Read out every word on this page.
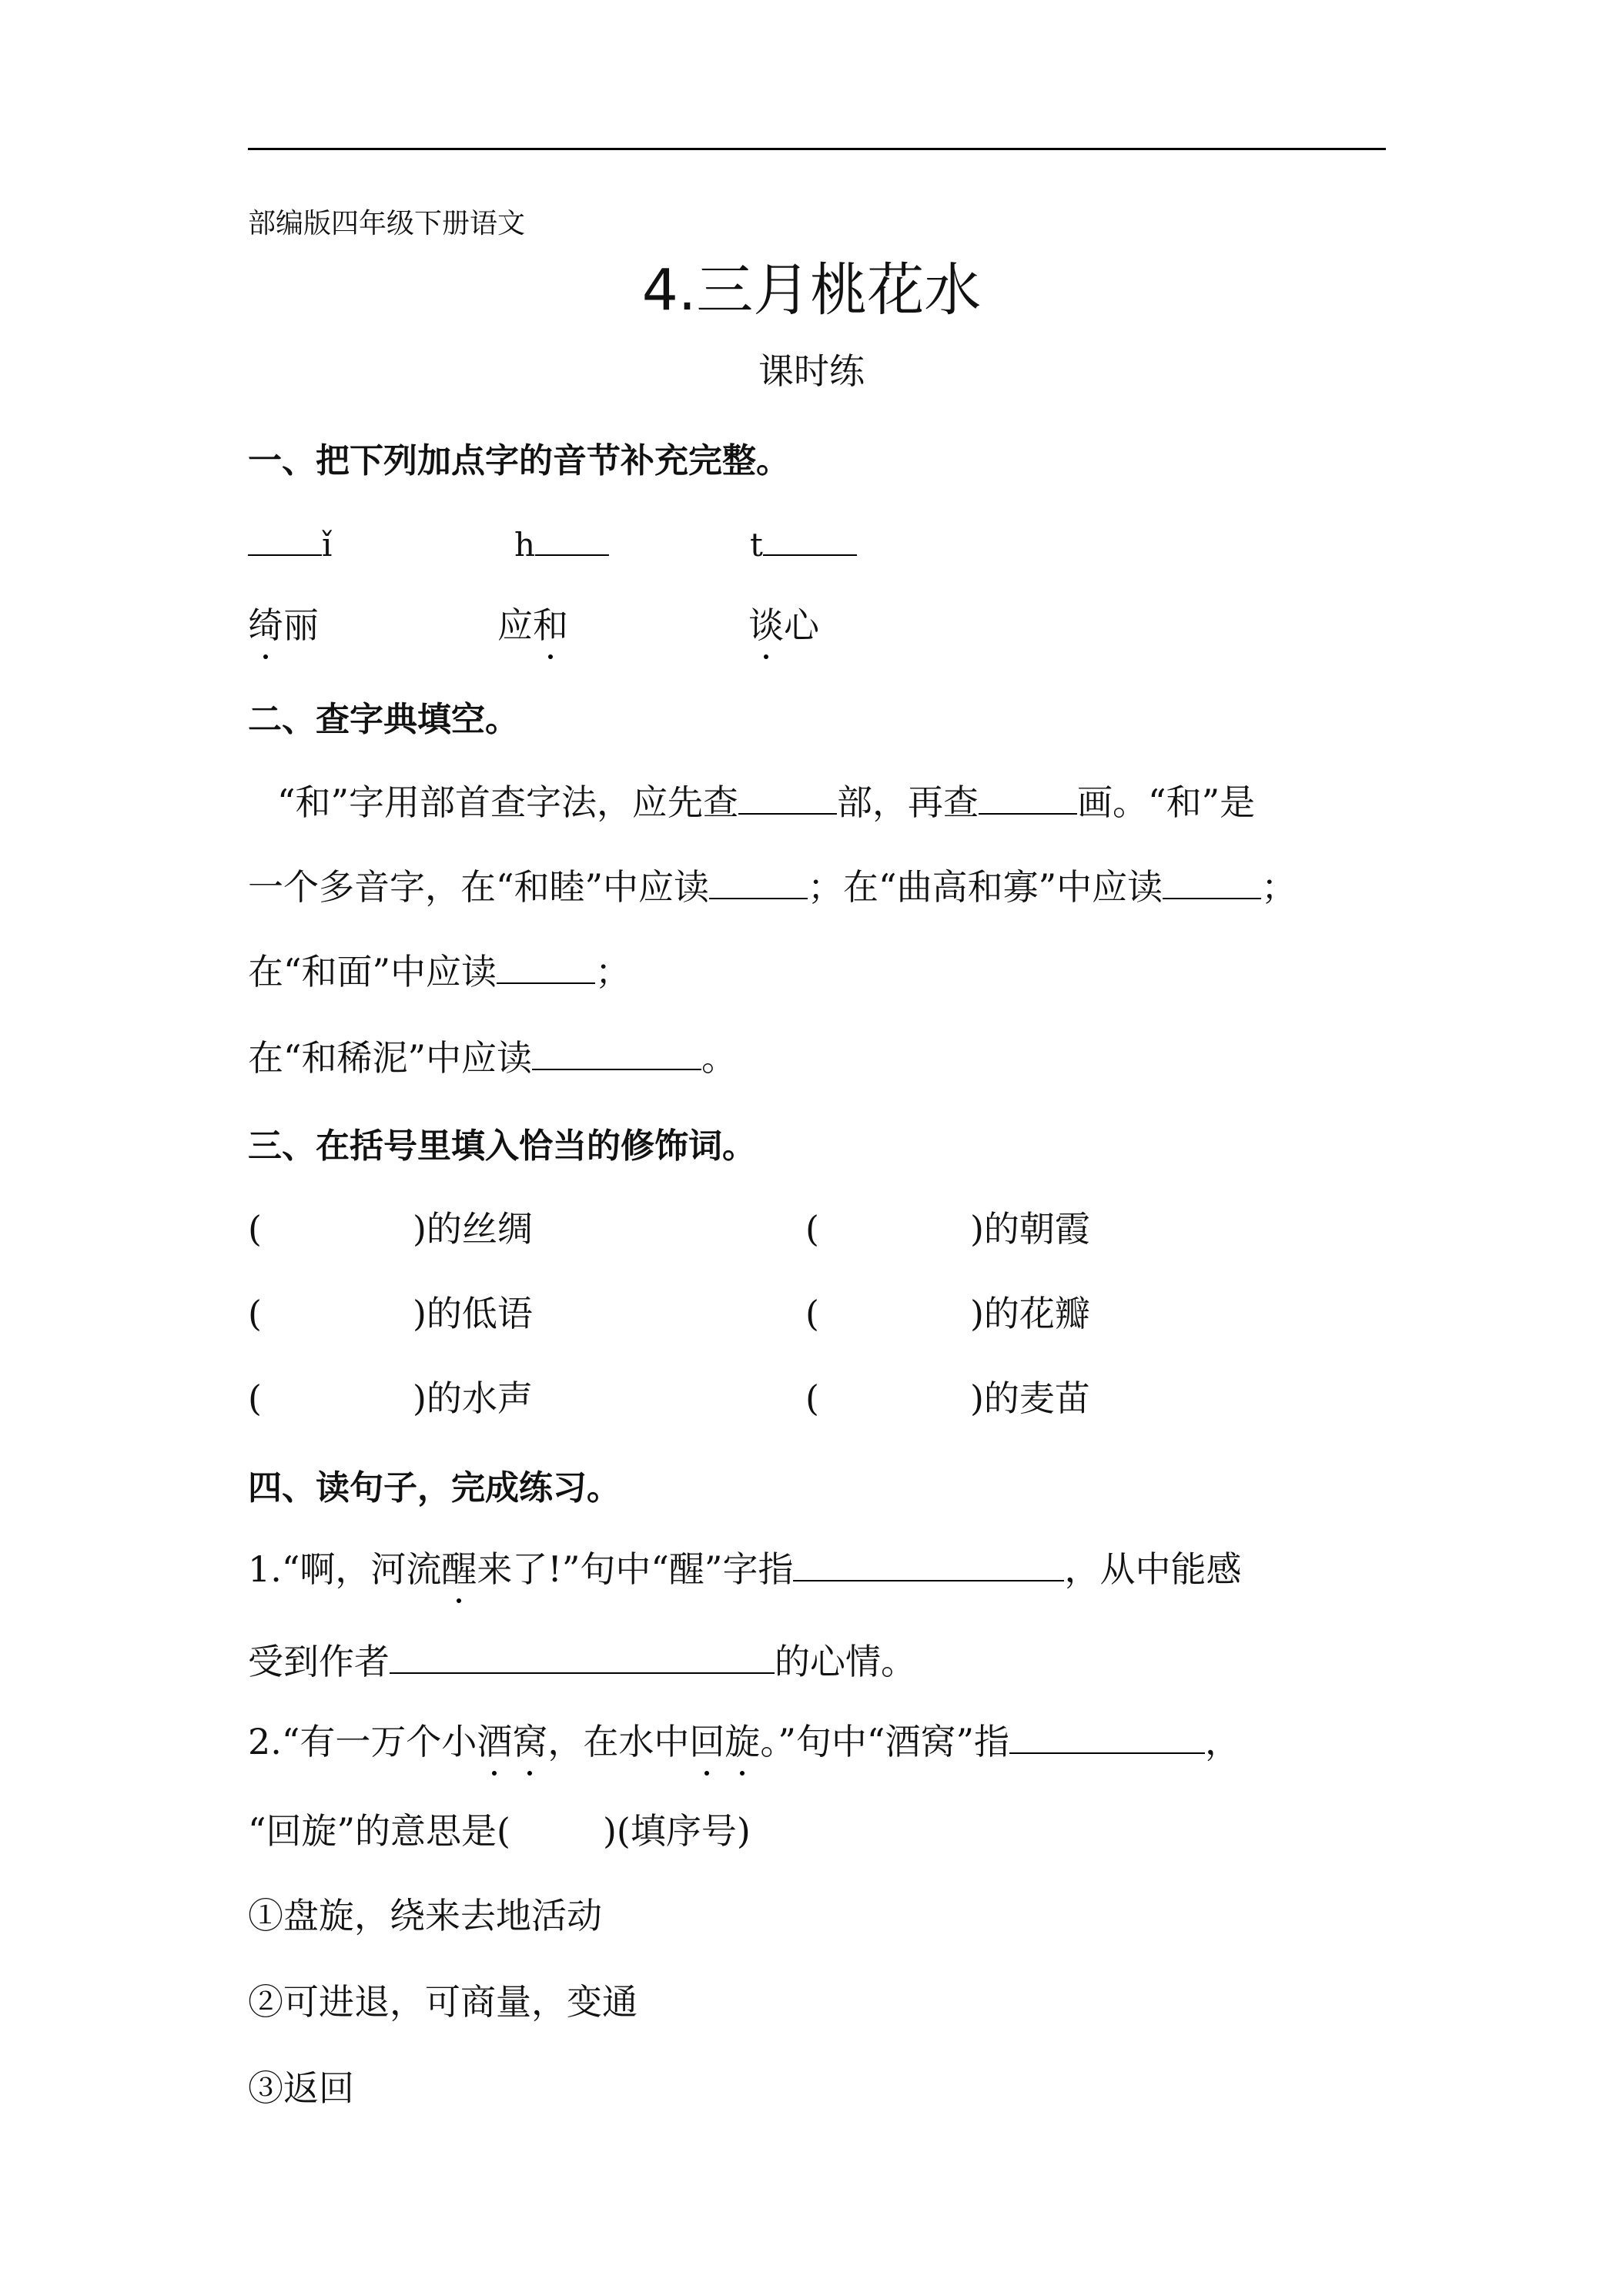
部编版四年级下册语文
4.三月桃花水
课时练
一、把下列加点字的音节补充完整。
ǐ	h	t
绮丽	应和	谈心
二、查字典填空。
“和”字用部首查字法，应先查	部，再查	画。“和”是
一个多音字，在“和睦”中应读	；在“曲高和寡”中应读	；
在“和面”中应读	；
在“和稀泥”中应读	。
三、在括号里填入恰当的修饰词。
(	)的丝绸	(	)的朝霞
(	)的低语	(	)的花瓣
(	)的水声	(	)的麦苗
四、读句子，完成练习。
1.“啊，河流醒来了!”句中“醒”字指	，从中能感
受到作者	的心情。
2.“有一万个小酒窝，在水中回旋。”句中“酒窝”指	，
“回旋”的意思是(	)(填序号)
①盘旋，绕来去地活动
②可进退，可商量，变通
③返回
